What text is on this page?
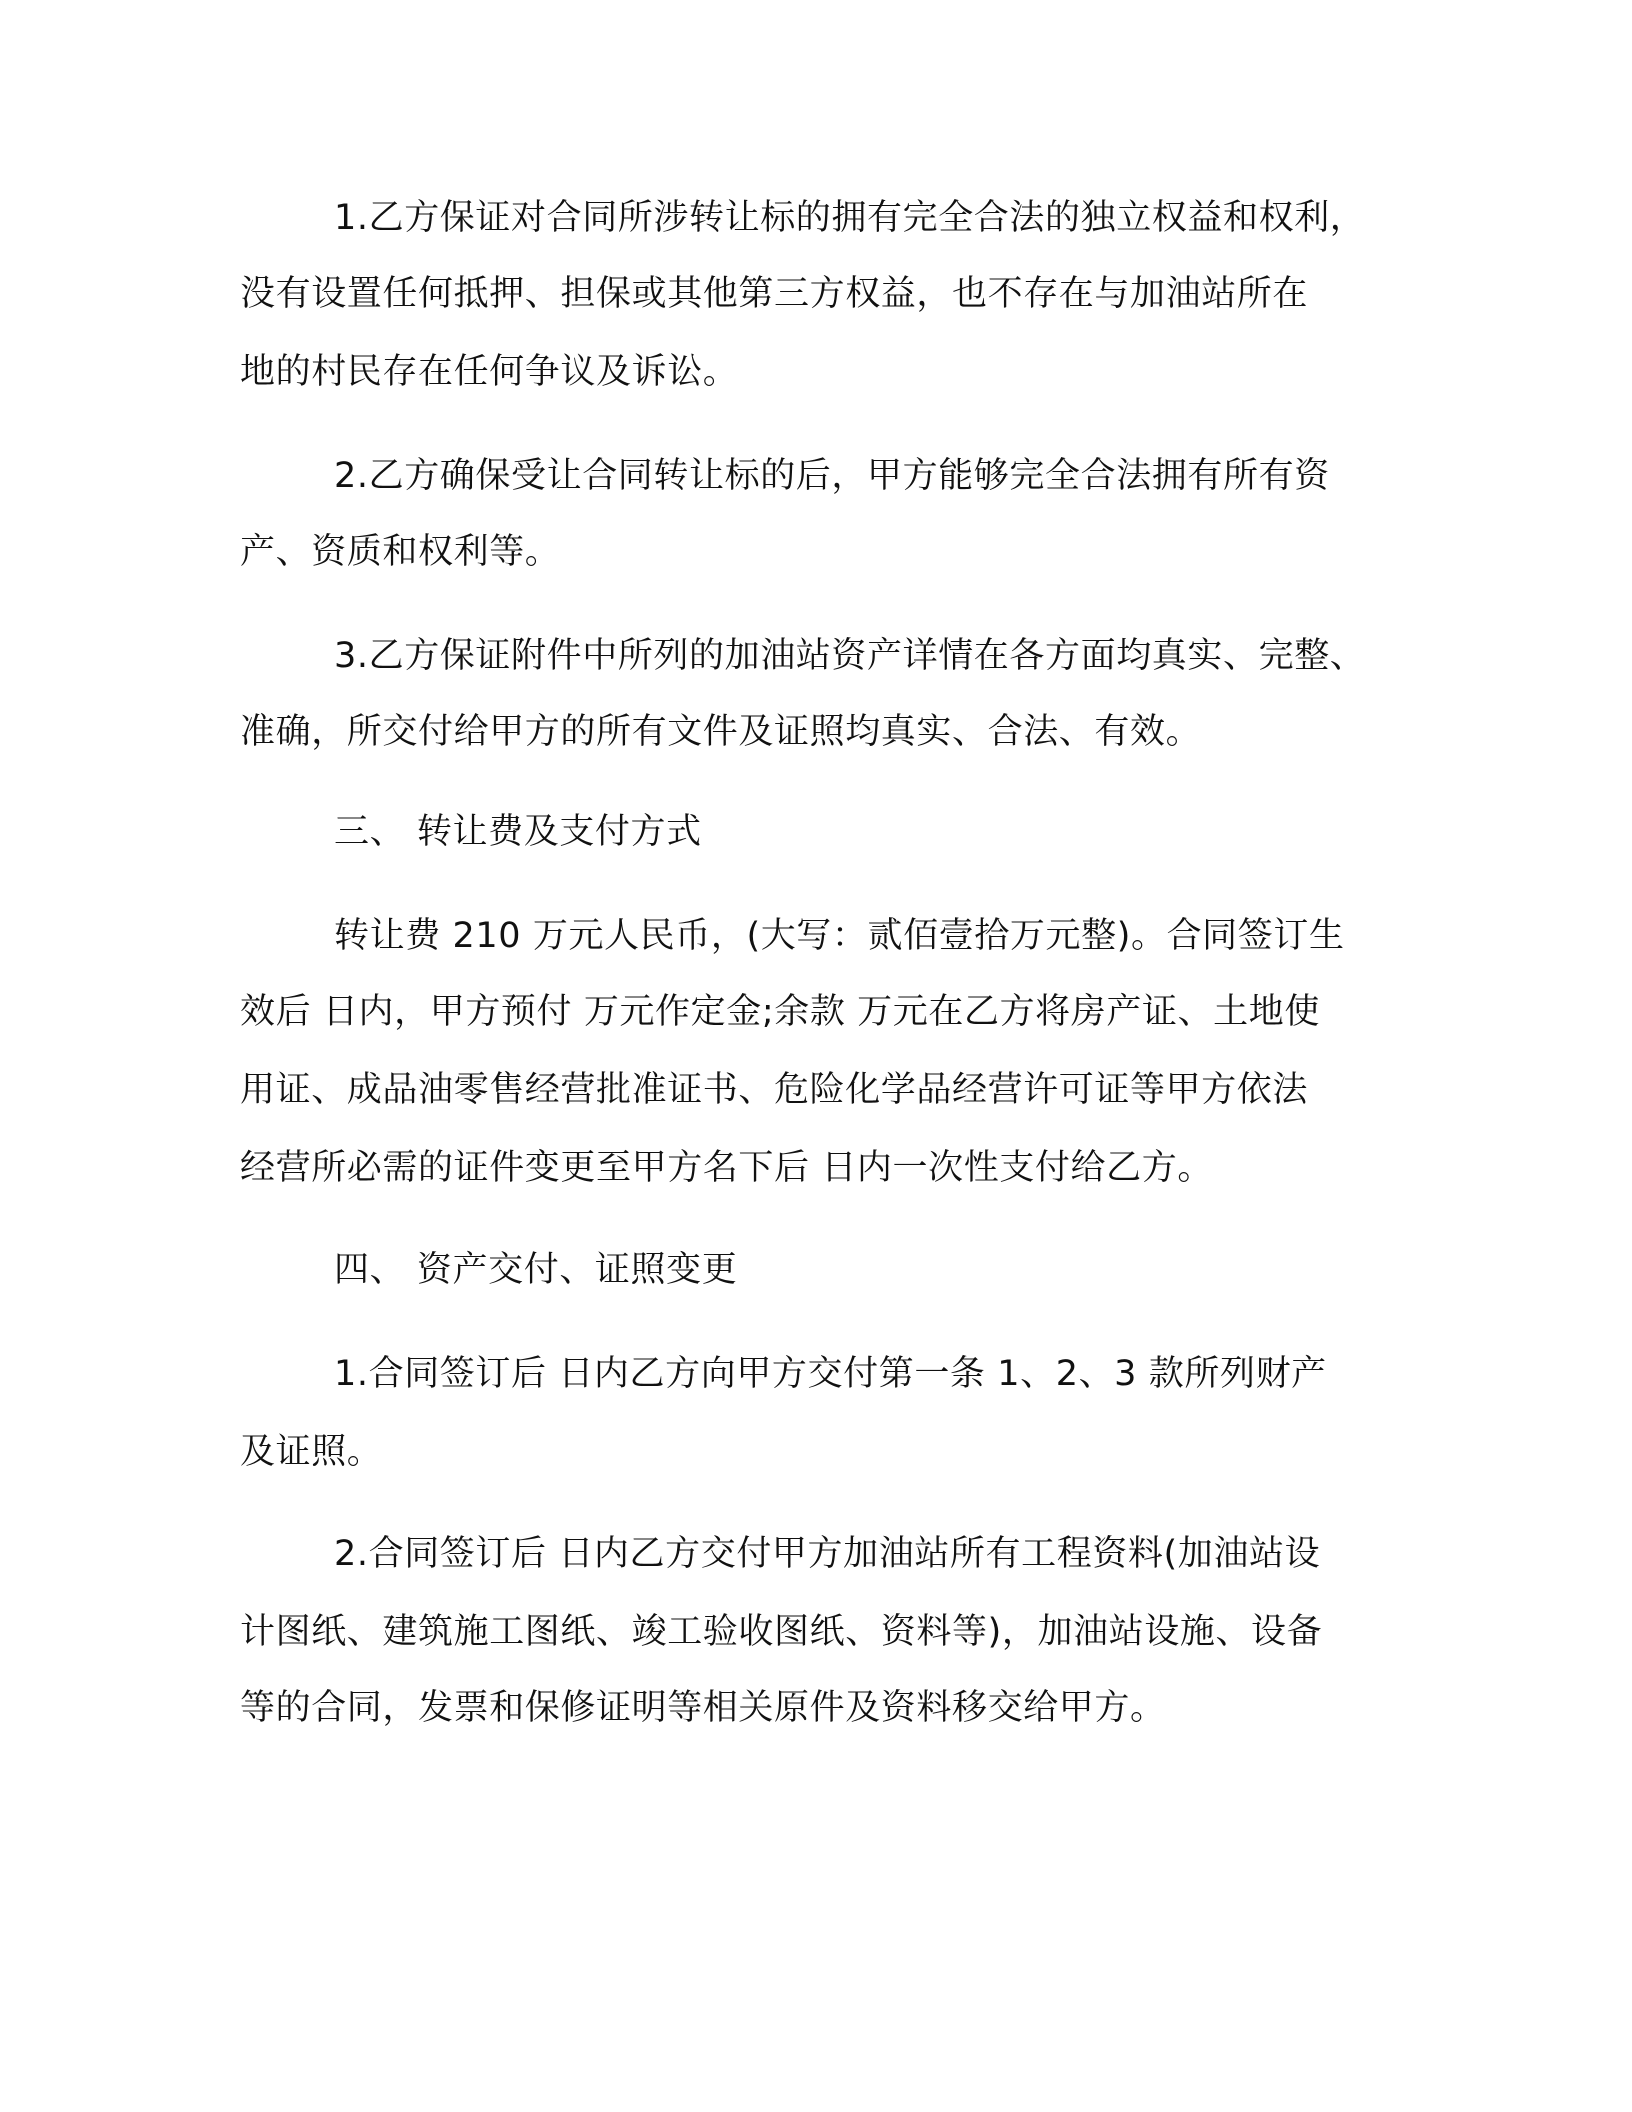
1.乙方保证对合同所涉转让标的拥有完全合法的独立权益和权利，
没有设置任何抵押、担保或其他第三方权益，也不存在与加油站所在
地的村民存在任何争议及诉讼。
2.乙方确保受让合同转让标的后，甲方能够完全合法拥有所有资
产、资质和权利等。
3.乙方保证附件中所列的加油站资产详情在各方面均真实、完整、
准确，所交付给甲方的所有文件及证照均真实、合法、有效。
三、 转让费及支付方式
转让费 210 万元人民币，(大写：贰佰壹拾万元整)。合同签订生
效后 日内，甲方预付 万元作定金;余款 万元在乙方将房产证、土地使
用证、成品油零售经营批准证书、危险化学品经营许可证等甲方依法
经营所必需的证件变更至甲方名下后 日内一次性支付给乙方。
四、 资产交付、证照变更
1.合同签订后 日内乙方向甲方交付第一条 1、2、3 款所列财产
及证照。
2.合同签订后 日内乙方交付甲方加油站所有工程资料(加油站设
计图纸、建筑施工图纸、竣工验收图纸、资料等)，加油站设施、设备
等的合同，发票和保修证明等相关原件及资料移交给甲方。
